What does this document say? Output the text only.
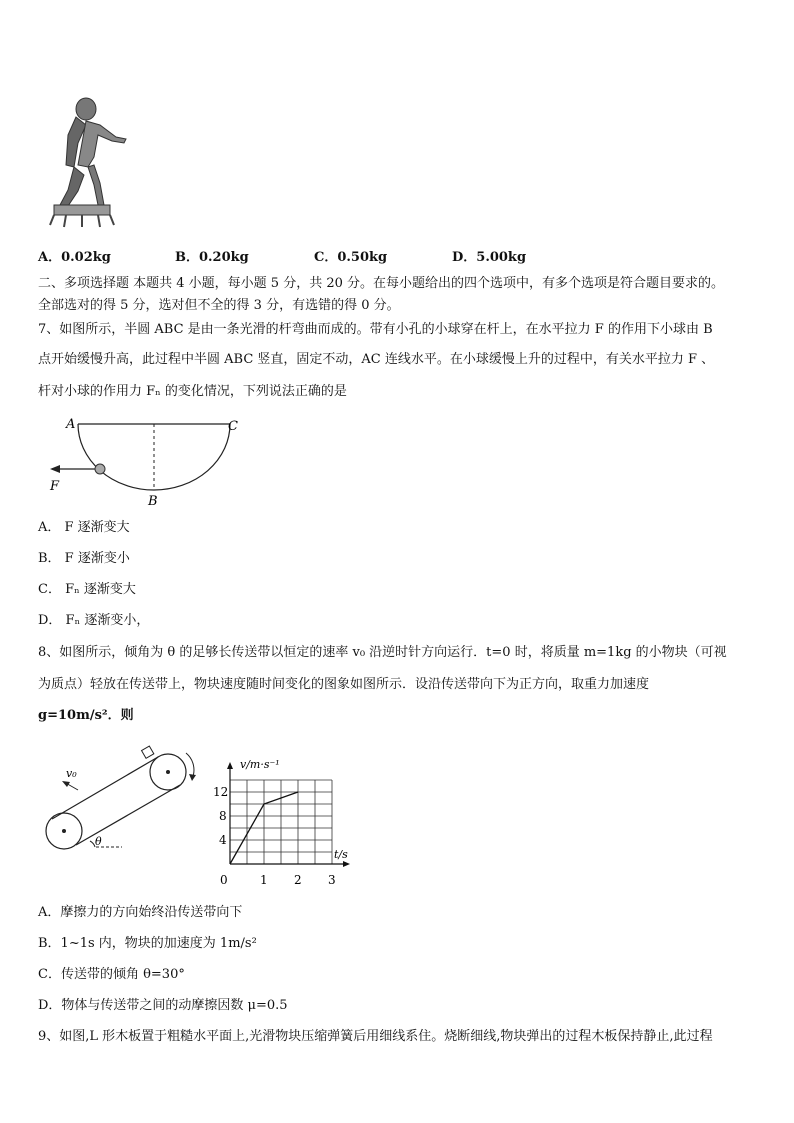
A．0.02kg	B．0.20kg	C．0.50kg	D．5.00kg
二、多项选择题 本题共 4 小题，每小题 5 分，共 20 分。在每小题给出的四个选项中，有多个选项是符合题目要求的。
全部选对的得 5 分，选对但不全的得 3 分，有选错的得 0 分。
7、如图所示，半圆 ABC 是由一条光滑的杆弯曲而成的。带有小孔的小球穿在杆上，在水平拉力 F 的作用下小球由 B
点开始缓慢升高，此过程中半圆 ABC 竖直，固定不动，AC 连线水平。在小球缓慢上升的过程中，有关水平拉力 F 、
杆对小球的作用力 Fₙ 的变化情况，下列说法正确的是
A	C
B
F
A． F 逐渐变大
B． F 逐渐变小
C． Fₙ 逐渐变大
D． Fₙ 逐渐变小，
8、如图所示，倾角为 θ 的足够长传送带以恒定的速率 v₀ 沿逆时针方向运行．t=0 时，将质量 m=1kg 的小物块（可视
为质点）轻放在传送带上，物块速度随时间变化的图象如图所示．设沿传送带向下为正方向，取重力加速度
g=10m/s²．则
v₀
θ
0	1 2 3
4
8
12
t/s
v/m·s⁻¹
A．摩擦力的方向始终沿传送带向下
B．1~1s 内，物块的加速度为 1m/s²
C．传送带的倾角 θ=30°
D．物体与传送带之间的动摩擦因数 μ=0.5
9、如图,L 形木板置于粗糙水平面上,光滑物块压缩弹簧后用细线系住。烧断细线,物块弹出的过程木板保持静止,此过程
